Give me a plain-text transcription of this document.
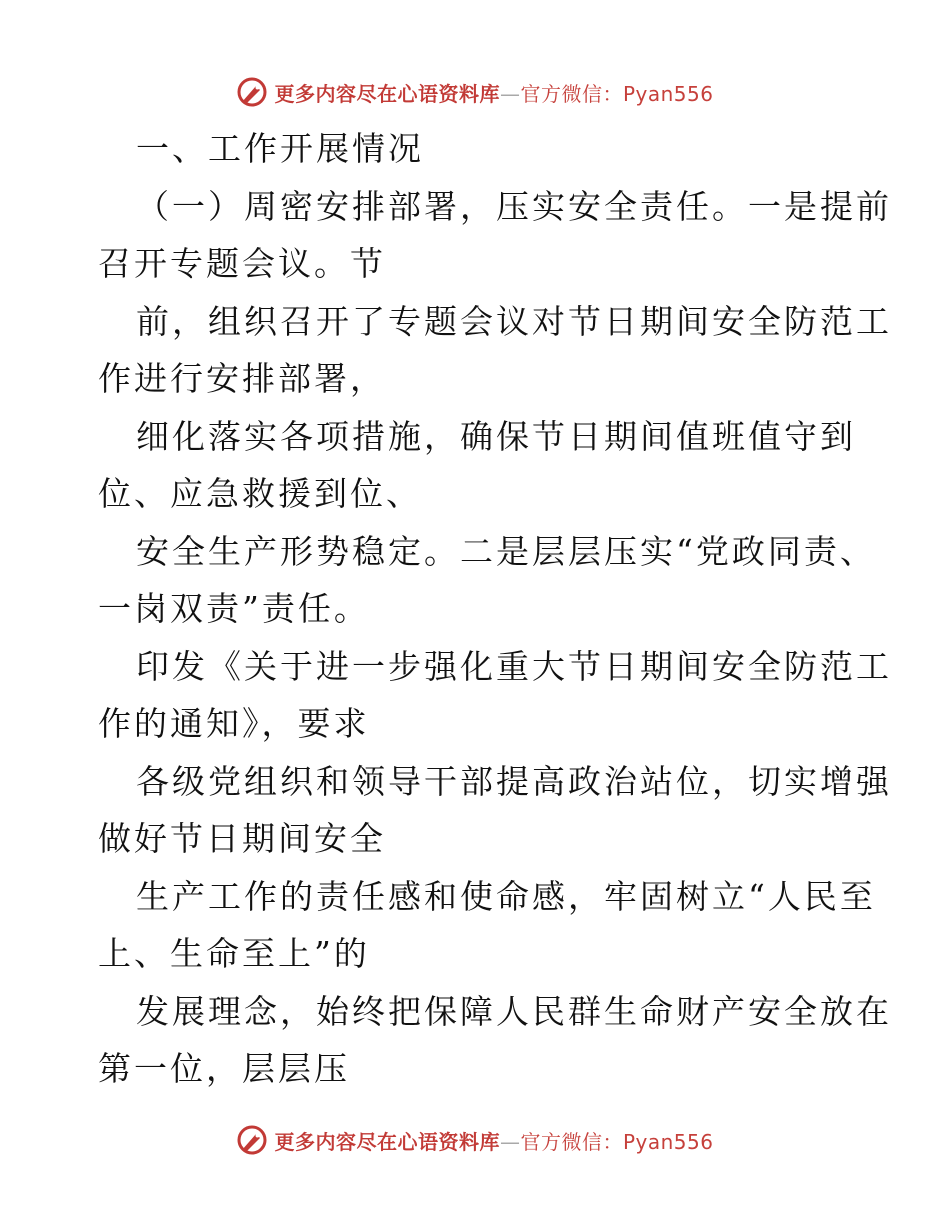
更多内容尽在心语资料库—官方微信：Pyan556
一、工作开展情况
（一）周密安排部署，压实安全责任。一是提前
召开专题会议。节
前，组织召开了专题会议对节日期间安全防范工
作进行安排部署，
细化落实各项措施，确保节日期间值班值守到
位、应急救援到位、
安全生产形势稳定。二是层层压实“党政同责、
一岗双责”责任。
印发《关于进一步强化重大节日期间安全防范工
作的通知》，要求
各级党组织和领导干部提高政治站位，切实增强
做好节日期间安全
生产工作的责任感和使命感，牢固树立“人民至
上、生命至上”的
发展理念，始终把保障人民群生命财产安全放在
第一位，层层压
更多内容尽在心语资料库—官方微信：Pyan556
